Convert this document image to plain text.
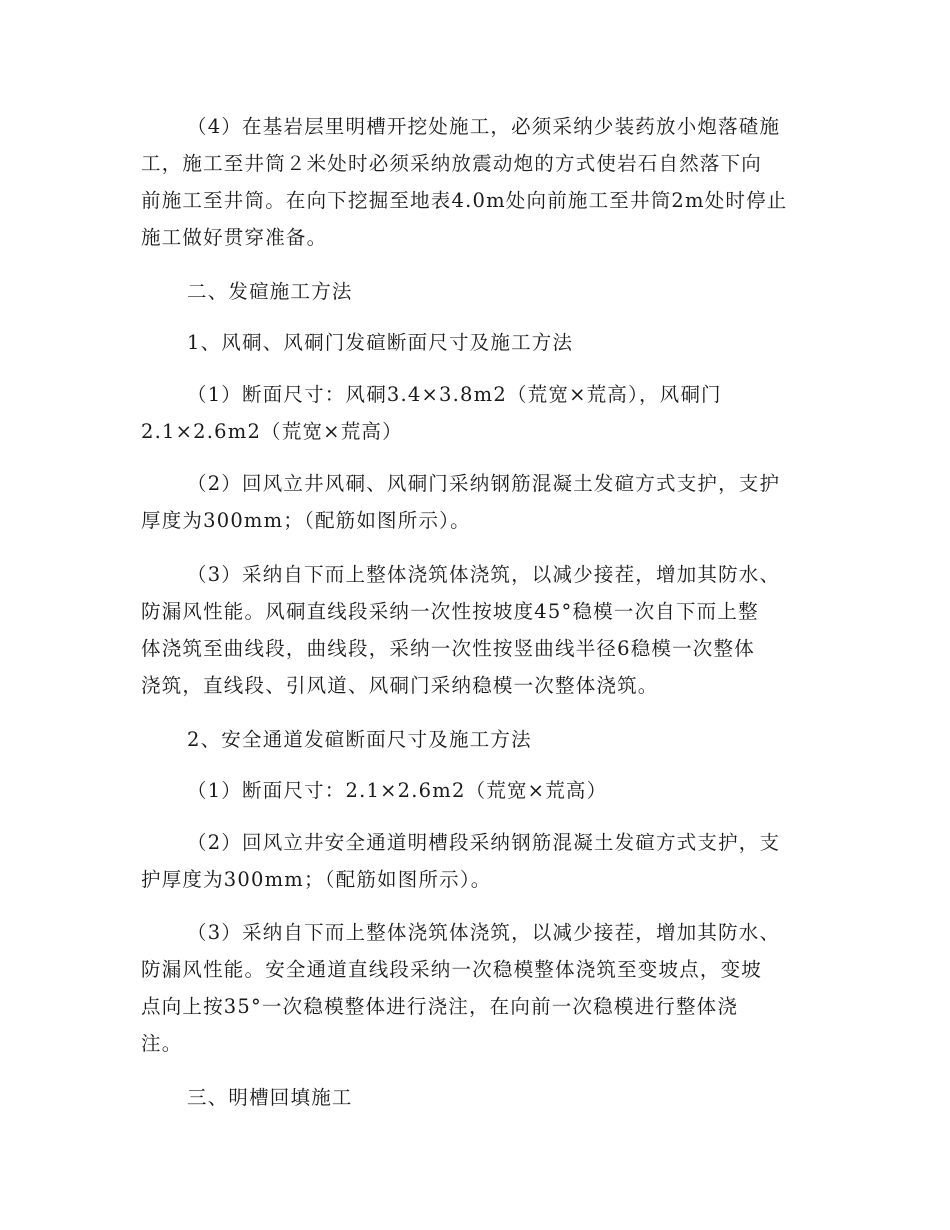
（4）在基岩层里明槽开挖处施工，必须采纳少装药放小炮落碴施
工，施工至井筒２米处时必须采纳放震动炮的方式使岩石自然落下向
前施工至井筒。在向下挖掘至地表4.0m处向前施工至井筒2m处时停止
施工做好贯穿准备。
二、发碹施工方法
1、风硐、风硐门发碹断面尺寸及施工方法
（1）断面尺寸：风硐3.4×3.8m2（荒宽×荒高），风硐门
2.1×2.6m2（荒宽×荒高）
（2）回风立井风硐、风硐门采纳钢筋混凝土发碹方式支护，支护
厚度为300mm；（配筋如图所示）。
（3）采纳自下而上整体浇筑体浇筑，以减少接茬，增加其防水、
防漏风性能。风硐直线段采纳一次性按坡度45°稳模一次自下而上整
体浇筑至曲线段，曲线段，采纳一次性按竖曲线半径6稳模一次整体
浇筑，直线段、引风道、风硐门采纳稳模一次整体浇筑。
2、安全通道发碹断面尺寸及施工方法
（1）断面尺寸：2.1×2.6m2（荒宽×荒高）
（2）回风立井安全通道明槽段采纳钢筋混凝土发碹方式支护，支
护厚度为300mm；（配筋如图所示）。
（3）采纳自下而上整体浇筑体浇筑，以减少接茬，增加其防水、
防漏风性能。安全通道直线段采纳一次稳模整体浇筑至变坡点，变坡
点向上按35°一次稳模整体进行浇注，在向前一次稳模进行整体浇
注。
三、明槽回填施工
